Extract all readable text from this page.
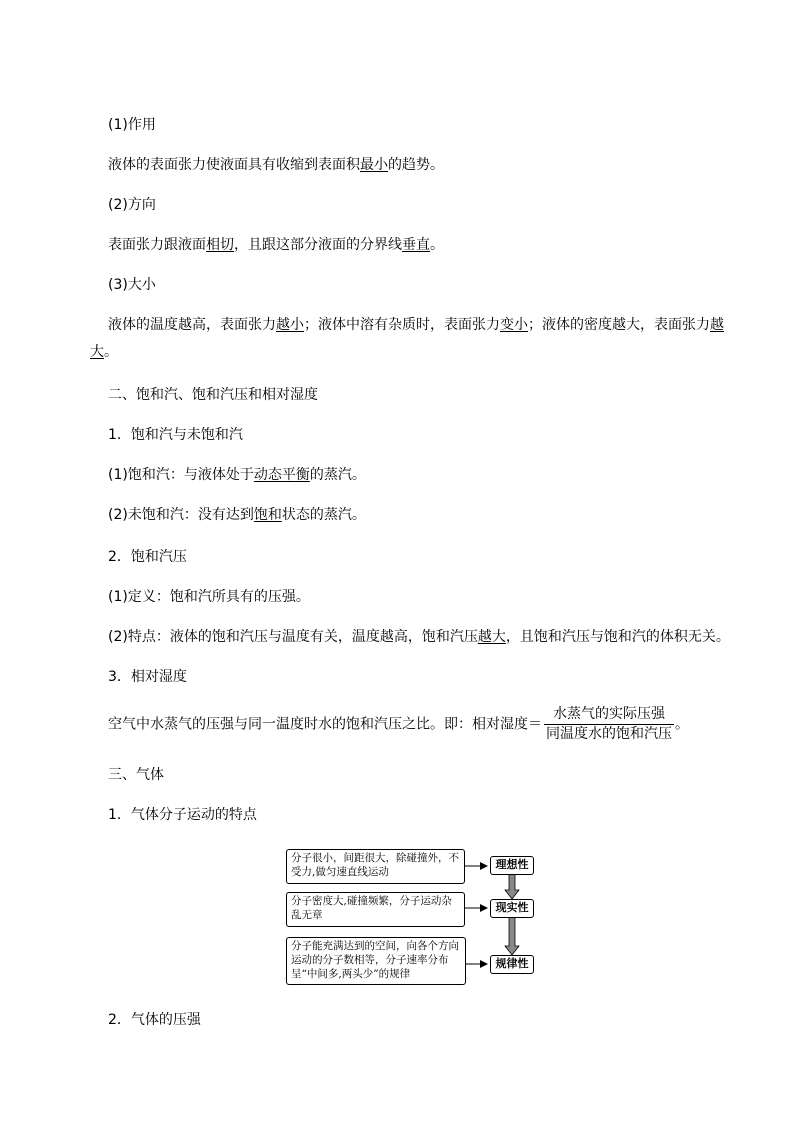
(1)作用
液体的表面张力使液面具有收缩到表面积最小的趋势。
(2)方向
表面张力跟液面相切，且跟这部分液面的分界线垂直。
(3)大小
液体的温度越高，表面张力越小；液体中溶有杂质时，表面张力变小；液体的密度越大，表面张力越
大。
二、饱和汽、饱和汽压和相对湿度
1．饱和汽与未饱和汽
(1)饱和汽：与液体处于动态平衡的蒸汽。
(2)未饱和汽：没有达到饱和状态的蒸汽。
2．饱和汽压
(1)定义：饱和汽所具有的压强。
(2)特点：液体的饱和汽压与温度有关，温度越高，饱和汽压越大，且饱和汽压与饱和汽的体积无关。
3．相对湿度
空气中水蒸气的压强与同一温度时水的饱和汽压之比。即：相对湿度＝ $\frac{\text{水蒸气的实际压强}}{\text{同温度水的饱和汽压}}$ 。
三、气体
1．气体分子运动的特点
分子很小，间距很大，除碰撞外，不受力,做匀速直线运动
分子密度大,碰撞频繁，分子运动杂乱无章
分子能充满达到的空间，向各个方向运动的分子数相等，分子速率分布呈“中间多,两头少”的规律
理想性
现实性
规律性
2．气体的压强
